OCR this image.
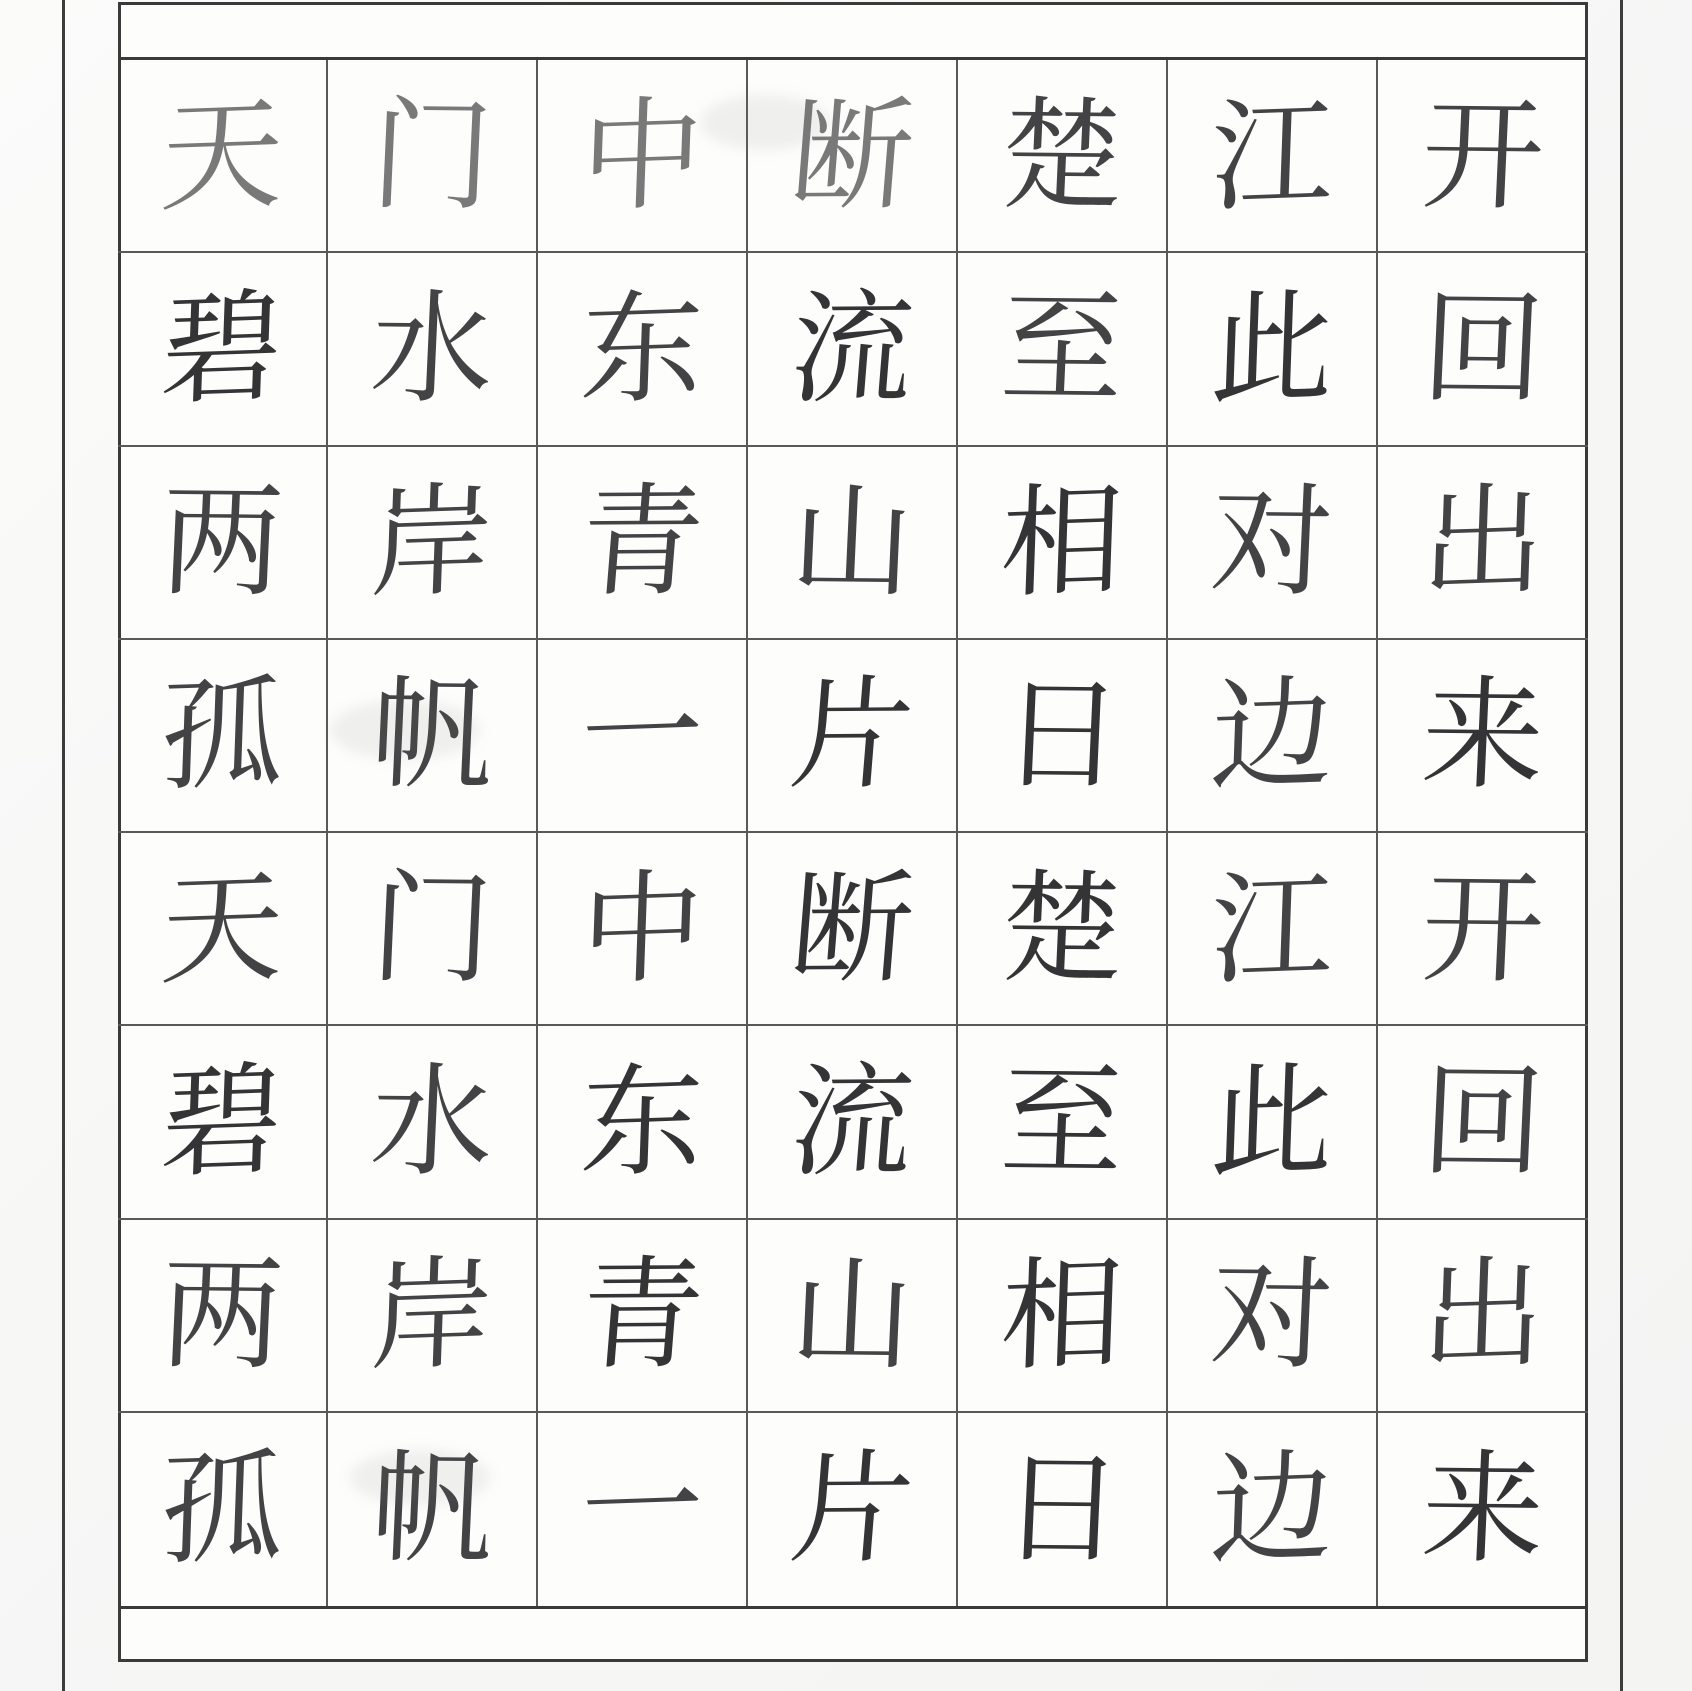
天 门 中 断 楚 江 开
碧 水 东 流 至 此 回
两 岸 青 山 相 对 出
孤 帆 一 片 日 边 来
天 门 中 断 楚 江 开
碧 水 东 流 至 此 回
两 岸 青 山 相 对 出
孤 帆 一 片 日 边 来
